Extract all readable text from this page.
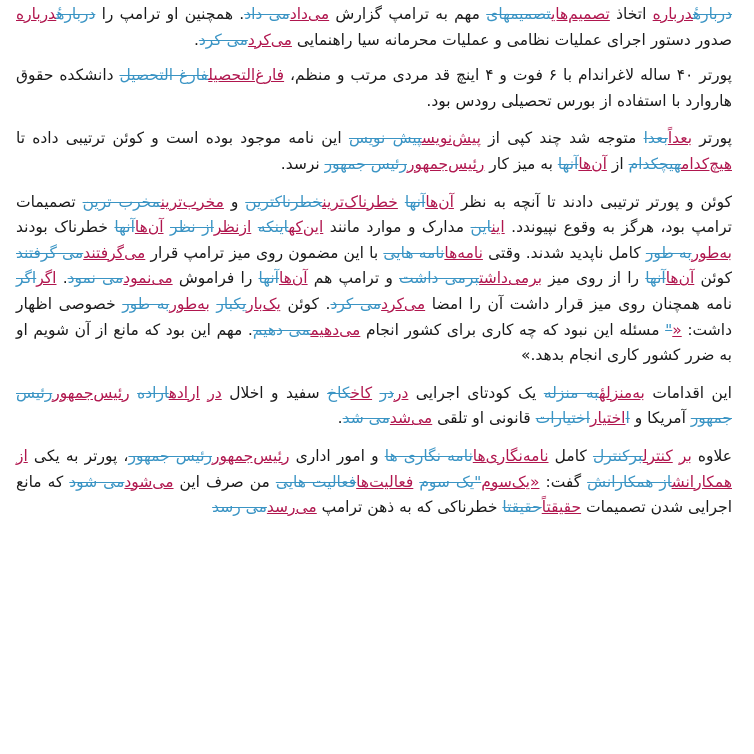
دربارهٔدرباره اتخاذ تصمیم‌هایتصمیمهای مهم به ترامپ گزارش می‌دادمی داد. همچنین او ترامپ را دربارهٔدرباره صدور دستور اجرای عملیات نظامی و عملیات محرمانه سیا راهنمایی می‌کردمی کرد.

پورتر ۴۰ ساله لاغراندام با ۶ فوت و ۴ اینچ قد مردی مرتب و منظم، فارغ‌التحصیلفارغ التحصیل دانشکده حقوق هاروارد با استفاده از بورس تحصیلی رودس بود.

پورتر بعداًبعدا متوجه شد چند کپی از پیش‌نویسپیش نویس این نامه موجود بوده است و کوئن ترتیبی داده تا هیچ‌کدامهیچکدام از آن‌هاآنها به میز کار رئیس‌جمهوررئیس جمهور نرسد.

کوئن و پورتر ترتیبی دادند تا آنچه به نظر آن‌هاآنها خطرناک‌ترینخطرناکترین و مخرب‌ترینمخرب ترین تصمیمات ترامپ بود، هرگز به وقوع نپیوندد. ایناین مدارک و موارد مانند این‌کهاینکه ازنظراز نظر آن‌هاآنها خطرناک بودند به‌طوربه طور کامل ناپدید شدند. وقتی نامه‌هانامه هایی با این مضمون روی میز ترامپ قرار می‌گرفتندمی گرفتند کوئن آن‌هاآنها را از روی میز برمی‌داشتبرمی داشت و ترامپ هم آن‌هاآنها را فراموش می‌نمودمی نمود. اگراگر نامه همچنان روی میز قرار داشت آن را امضا می‌کردمی کرد. کوئن یک‌باریکبار به‌طوربه طور خصوصی اظهار داشت: «" مسئله این نبود که چه کاری برای کشور انجام می‌دهیممی دهیم. مهم این بود که مانع از آن شویم او به ضرر کشور کاری انجام بدهد.»

این اقدامات به‌منزلهٔبه منزله یک کودتای اجرایی دردر کاخکاخ سفید و اخلال در ارادهاراده رئیس‌جمهوررئیس جمهور آمریکا و ااختیاراختیارات قانونی او تلقی می‌شدمی شد.

علاوه بر کنترلبرکنترل کامل نامه‌نگاری‌هانامه نگاری ها و امور اداری رئیس‌جمهوررئیس جمهور، پورتر به یکی از همکارانشاز همکارانش گفت: «یک‌سوم"یک سوم فعالیت‌هافعالیت هایی من صرف این می‌شودمی شود که مانع اجرایی شدن تصمیمات حقیقتاًحقیقتا خطرناکی که به ذهن ترامپ می‌رسدمی رسد
